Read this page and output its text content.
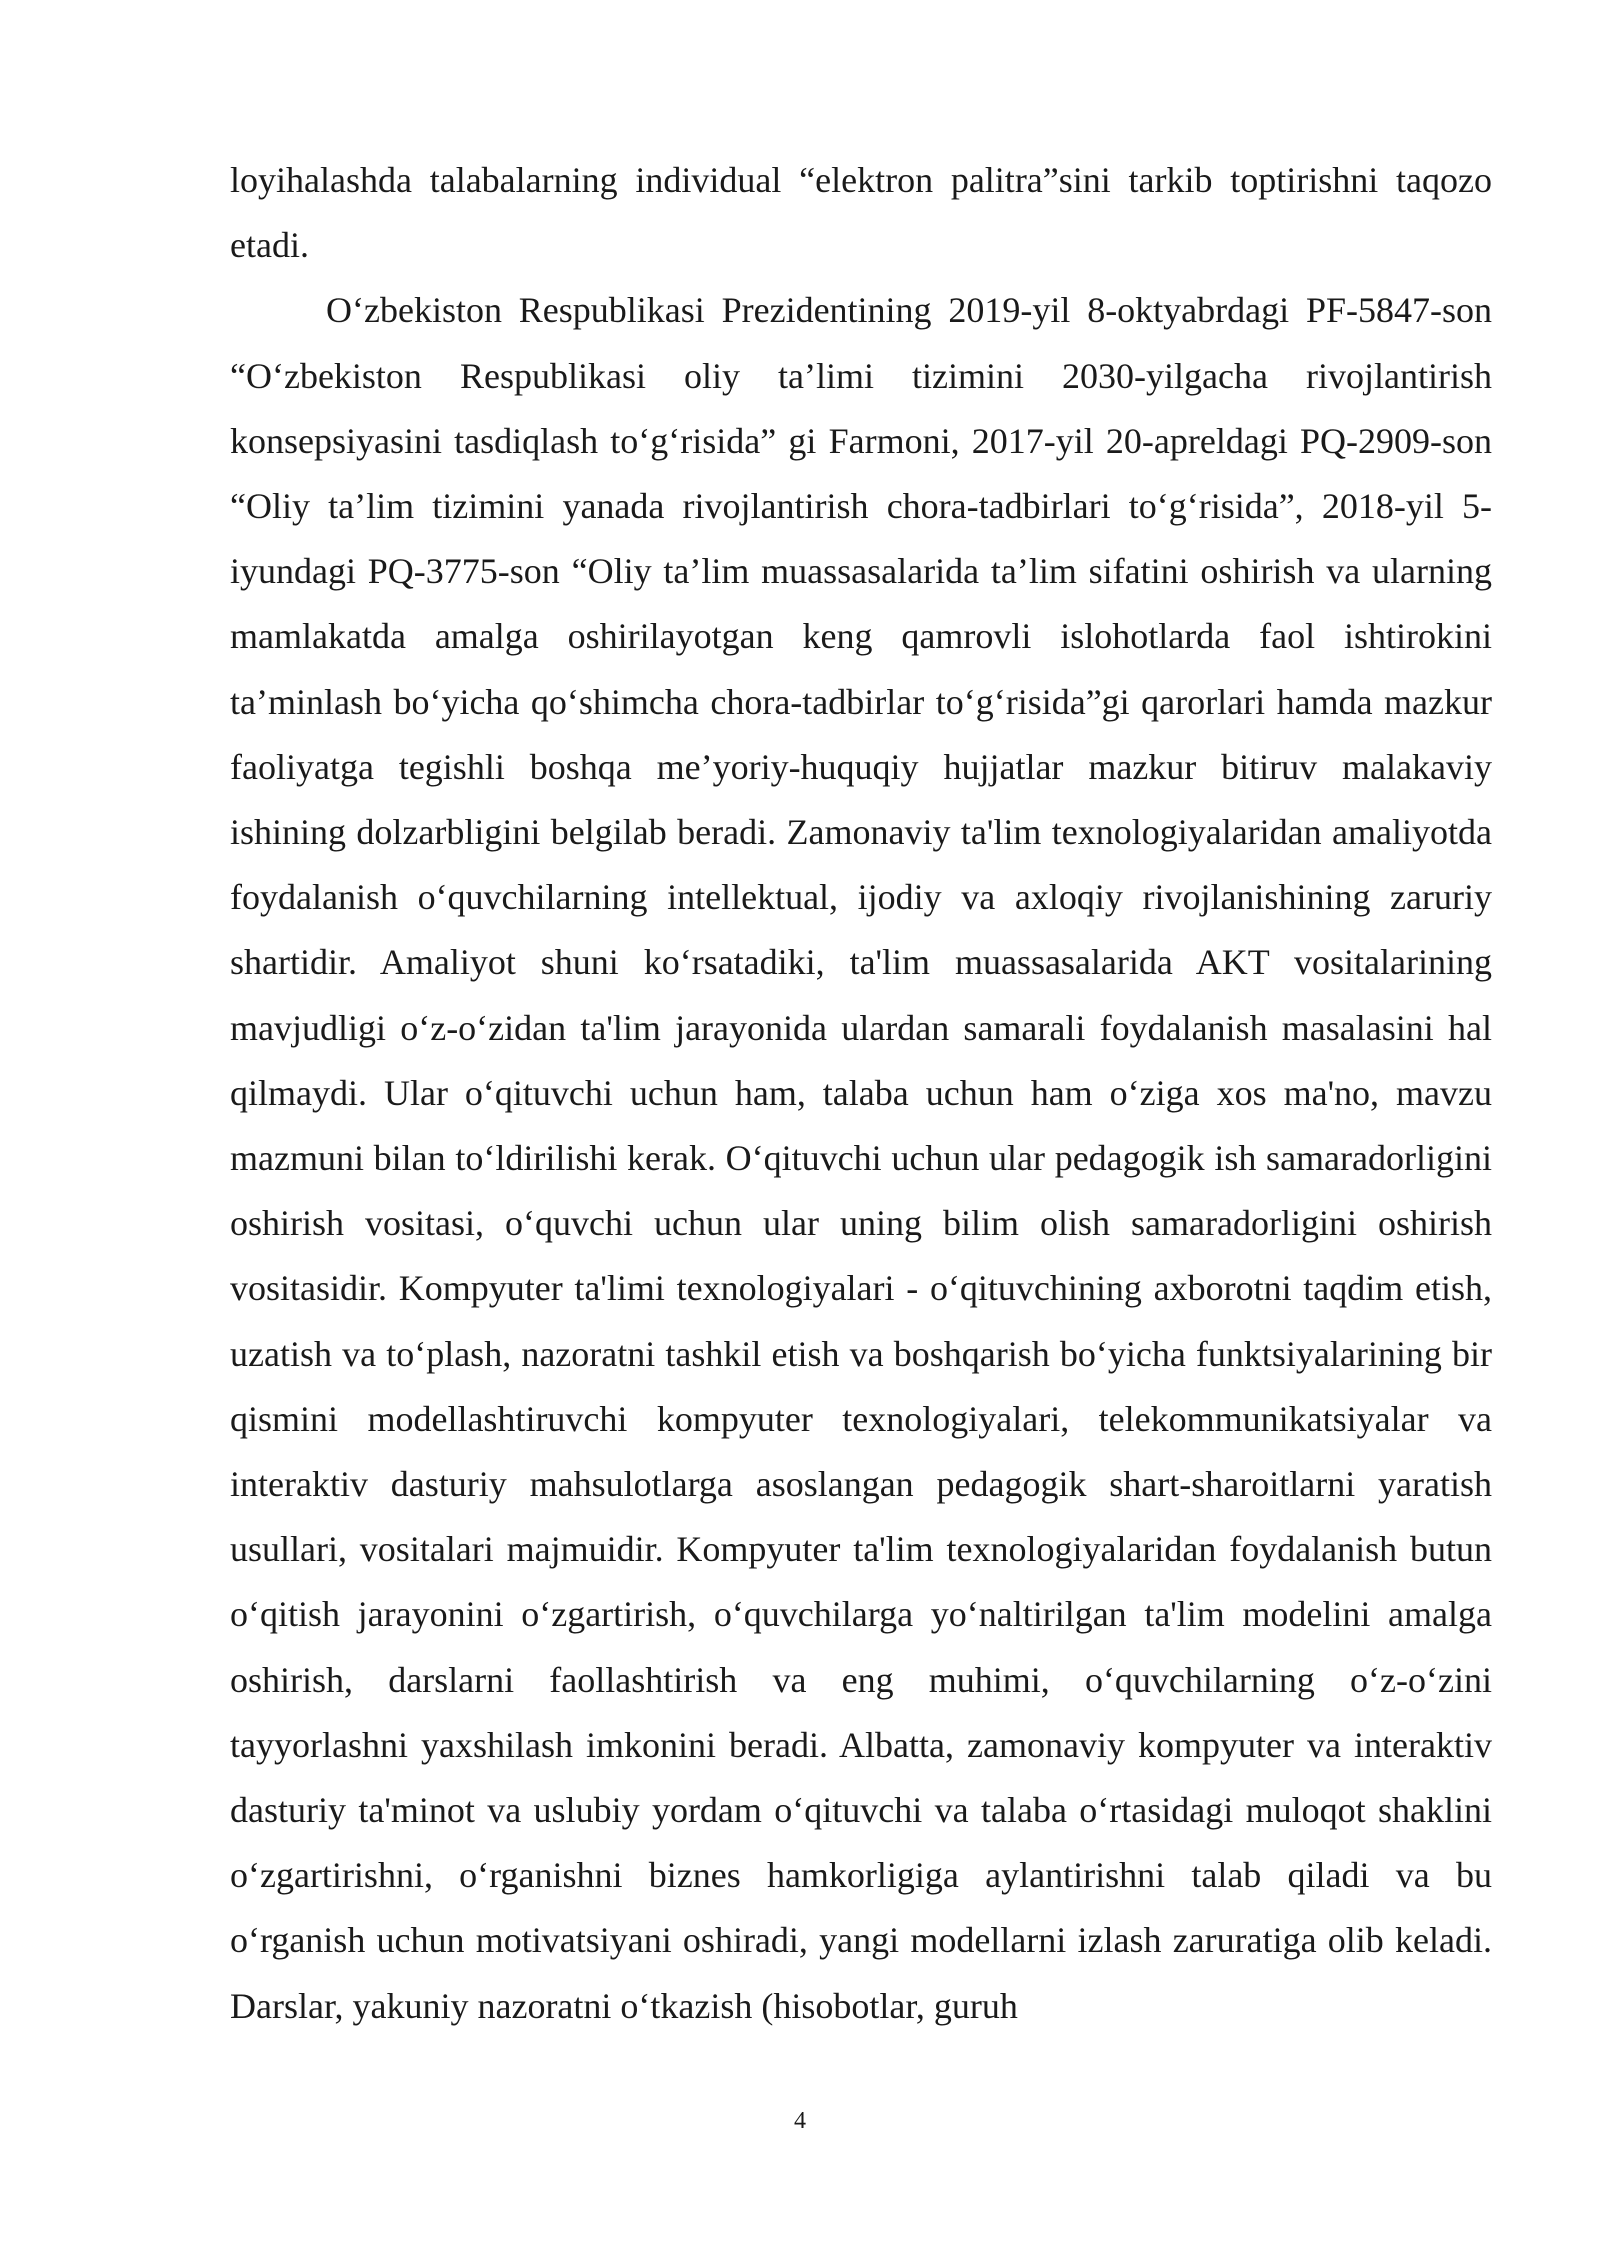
loyihalashda talabalarning individual “elektron palitra”sini tarkib toptirishni taqozo etadi.

O‘zbekiston Respublikasi Prezidentining 2019-yil 8-oktyabrdagi PF-5847-son “O‘zbekiston Respublikasi oliy ta’limi tizimini 2030-yilgacha rivojlantirish konsepsiyasini tasdiqlash to‘g‘risida” gi Farmoni, 2017-yil 20-apreldagi PQ-2909-son “Oliy ta’lim tizimini yanada rivojlantirish chora-tadbirlari to‘g‘risida”, 2018-yil 5-iyundagi PQ-3775-son “Oliy ta’lim muassasalarida ta’lim sifatini oshirish va ularning mamlakatda amalga oshirilayotgan keng qamrovli islohotlarda faol ishtirokini ta’minlash bo‘yicha qo‘shimcha chora-tadbirlar to‘g‘risida”gi qarorlari hamda mazkur faoliyatga tegishli boshqa me’yoriy-huquqiy hujjatlar mazkur bitiruv malakaviy ishining dolzarbligini belgilab beradi. Zamonaviy ta'lim texnologiyalaridan amaliyotda foydalanish o‘quvchilarning intellektual, ijodiy va axloqiy rivojlanishining zaruriy shartidir. Amaliyot shuni ko‘rsatadiki, ta'lim muassasalarida AKT vositalarining mavjudligi o‘z-o‘zidan ta'lim jarayonida ulardan samarali foydalanish masalasini hal qilmaydi. Ular o‘qituvchi uchun ham, talaba uchun ham o‘ziga xos ma'no, mavzu mazmuni bilan to‘ldirilishi kerak. O‘qituvchi uchun ular pedagogik ish samaradorligini oshirish vositasi, o‘quvchi uchun ular uning bilim olish samaradorligini oshirish vositasidir. Kompyuter ta'limi texnologiyalari - o‘qituvchining axborotni taqdim etish, uzatish va to‘plash, nazoratni tashkil etish va boshqarish bo‘yicha funktsiyalarining bir qismini modellashtiruvchi kompyuter texnologiyalari, telekommunikatsiyalar va interaktiv dasturiy mahsulotlarga asoslangan pedagogik shart-sharoitlarni yaratish usullari, vositalari majmuidir. Kompyuter ta'lim texnologiyalaridan foydalanish butun o‘qitish jarayonini o‘zgartirish, o‘quvchilarga yo‘naltirilgan ta'lim modelini amalga oshirish, darslarni faollashtirish va eng muhimi, o‘quvchilarning o‘z-o‘zini tayyorlashni yaxshilash imkonini beradi. Albatta, zamonaviy kompyuter va interaktiv dasturiy ta'minot va uslubiy yordam o‘qituvchi va talaba o‘rtasidagi muloqot shaklini o‘zgartirishni, o‘rganishni biznes hamkorligiga aylantirishni talab qiladi va bu o‘rganish uchun motivatsiyani oshiradi, yangi modellarni izlash zaruratiga olib keladi. Darslar, yakuniy nazoratni o‘tkazish (hisobotlar, guruh

4
